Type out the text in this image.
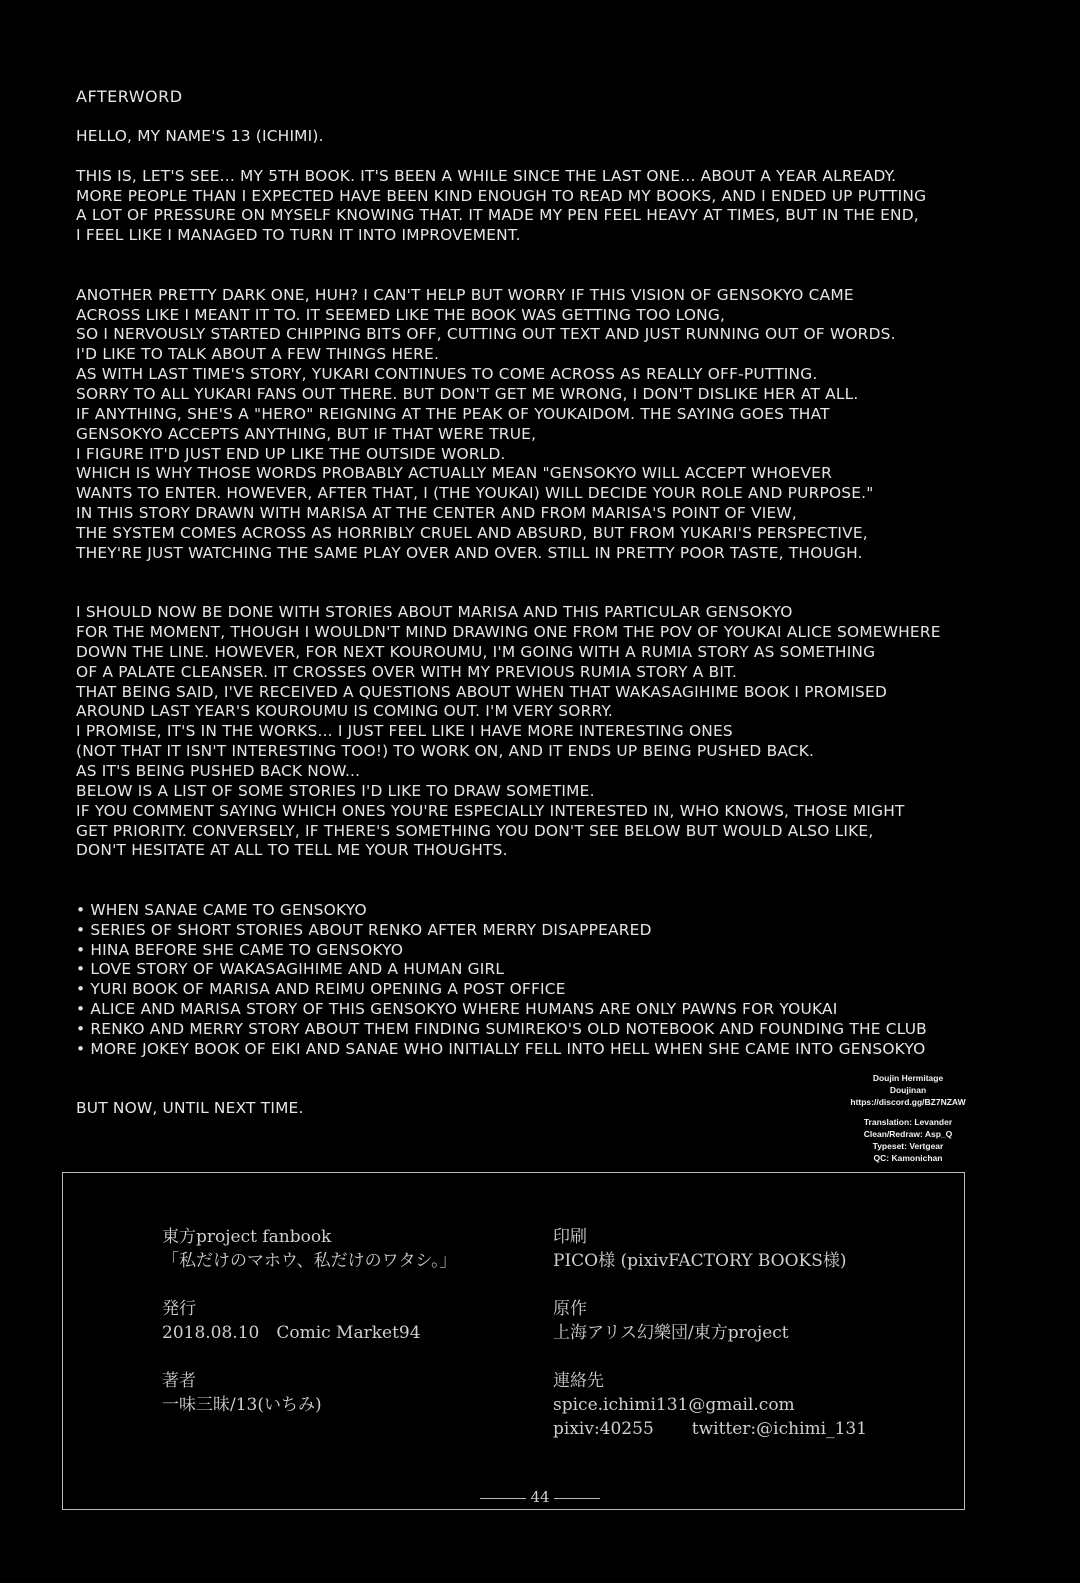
AFTERWORD
HELLO, MY NAME'S 13 (ICHIMI).
THIS IS, LET'S SEE... MY 5TH BOOK. IT'S BEEN A WHILE SINCE THE LAST ONE... ABOUT A YEAR ALREADY.
MORE PEOPLE THAN I EXPECTED HAVE BEEN KIND ENOUGH TO READ MY BOOKS, AND I ENDED UP PUTTING
A LOT OF PRESSURE ON MYSELF KNOWING THAT. IT MADE MY PEN FEEL HEAVY AT TIMES, BUT IN THE END,
I FEEL LIKE I MANAGED TO TURN IT INTO IMPROVEMENT.
ANOTHER PRETTY DARK ONE, HUH? I CAN'T HELP BUT WORRY IF THIS VISION OF GENSOKYO CAME
ACROSS LIKE I MEANT IT TO. IT SEEMED LIKE THE BOOK WAS GETTING TOO LONG,
SO I NERVOUSLY STARTED CHIPPING BITS OFF, CUTTING OUT TEXT AND JUST RUNNING OUT OF WORDS.
I'D LIKE TO TALK ABOUT A FEW THINGS HERE.
AS WITH LAST TIME'S STORY, YUKARI CONTINUES TO COME ACROSS AS REALLY OFF-PUTTING.
SORRY TO ALL YUKARI FANS OUT THERE. BUT DON'T GET ME WRONG, I DON'T DISLIKE HER AT ALL.
IF ANYTHING, SHE'S A "HERO" REIGNING AT THE PEAK OF YOUKAIDOM. THE SAYING GOES THAT
GENSOKYO ACCEPTS ANYTHING, BUT IF THAT WERE TRUE,
I FIGURE IT'D JUST END UP LIKE THE OUTSIDE WORLD.
WHICH IS WHY THOSE WORDS PROBABLY ACTUALLY MEAN "GENSOKYO WILL ACCEPT WHOEVER
WANTS TO ENTER. HOWEVER, AFTER THAT, I (THE YOUKAI) WILL DECIDE YOUR ROLE AND PURPOSE."
IN THIS STORY DRAWN WITH MARISA AT THE CENTER AND FROM MARISA'S POINT OF VIEW,
THE SYSTEM COMES ACROSS AS HORRIBLY CRUEL AND ABSURD, BUT FROM YUKARI'S PERSPECTIVE,
THEY'RE JUST WATCHING THE SAME PLAY OVER AND OVER. STILL IN PRETTY POOR TASTE, THOUGH.
I SHOULD NOW BE DONE WITH STORIES ABOUT MARISA AND THIS PARTICULAR GENSOKYO
FOR THE MOMENT, THOUGH I WOULDN'T MIND DRAWING ONE FROM THE POV OF YOUKAI ALICE SOMEWHERE
DOWN THE LINE. HOWEVER, FOR NEXT KOUROUMU, I'M GOING WITH A RUMIA STORY AS SOMETHING
OF A PALATE CLEANSER. IT CROSSES OVER WITH MY PREVIOUS RUMIA STORY A BIT.
THAT BEING SAID, I'VE RECEIVED A QUESTIONS ABOUT WHEN THAT WAKASAGIHIME BOOK I PROMISED
AROUND LAST YEAR'S KOUROUMU IS COMING OUT. I'M VERY SORRY.
I PROMISE, IT'S IN THE WORKS... I JUST FEEL LIKE I HAVE MORE INTERESTING ONES
(NOT THAT IT ISN'T INTERESTING TOO!) TO WORK ON, AND IT ENDS UP BEING PUSHED BACK.
AS IT'S BEING PUSHED BACK NOW...
BELOW IS A LIST OF SOME STORIES I'D LIKE TO DRAW SOMETIME.
IF YOU COMMENT SAYING WHICH ONES YOU'RE ESPECIALLY INTERESTED IN, WHO KNOWS, THOSE MIGHT
GET PRIORITY. CONVERSELY, IF THERE'S SOMETHING YOU DON'T SEE BELOW BUT WOULD ALSO LIKE,
DON'T HESITATE AT ALL TO TELL ME YOUR THOUGHTS.
• WHEN SANAE CAME TO GENSOKYO
• SERIES OF SHORT STORIES ABOUT RENKO AFTER MERRY DISAPPEARED
• HINA BEFORE SHE CAME TO GENSOKYO
• LOVE STORY OF WAKASAGIHIME AND A HUMAN GIRL
• YURI BOOK OF MARISA AND REIMU OPENING A POST OFFICE
• ALICE AND MARISA STORY OF THIS GENSOKYO WHERE HUMANS ARE ONLY PAWNS FOR YOUKAI
• RENKO AND MERRY STORY ABOUT THEM FINDING SUMIREKO'S OLD NOTEBOOK AND FOUNDING THE CLUB
• MORE JOKEY BOOK OF EIKI AND SANAE WHO INITIALLY FELL INTO HELL WHEN SHE CAME INTO GENSOKYO
BUT NOW, UNTIL NEXT TIME.
Doujin Hermitage
Doujinan
https://discord.gg/BZ7NZAW
Translation: Levander
Clean/Redraw: Asp_Q
Typeset: Vertgear
QC: Kamonichan
東方project fanbook
「私だけのマホウ、私だけのワタシ。」
発行
2018.08.10　Comic Market94
著者
一味三昧/13(いちみ)
印刷
PICO様 (pixivFACTORY BOOKS様)
原作
上海アリス幻樂団/東方project
連絡先
spice.ichimi131@gmail.com
pixiv:40255 twitter:@ichimi_131
44
